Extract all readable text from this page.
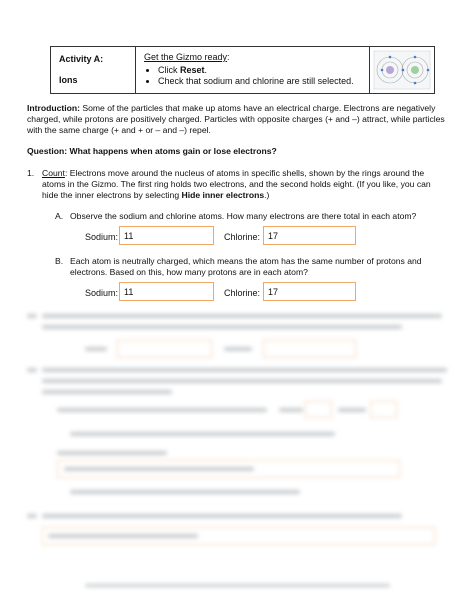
Activity A:
Ions
Get the Gizmo ready:
• Click Reset.
• Check that sodium and chlorine are still selected.
Introduction: Some of the particles that make up atoms have an electrical charge. Electrons are negatively charged, while protons are positively charged. Particles with opposite charges (+ and –) attract, while particles with the same charge (+ and + or – and –) repel.
Question: What happens when atoms gain or lose electrons?
1. Count: Electrons move around the nucleus of atoms in specific shells, shown by the rings around the atoms in the Gizmo. The first ring holds two electrons, and the second holds eight. (If you like, you can hide the inner electrons by selecting Hide inner electrons.)
A. Observe the sodium and chlorine atoms. How many electrons are there total in each atom?
Sodium: 11	Chlorine: 17
B. Each atom is neutrally charged, which means the atom has the same number of protons and electrons. Based on this, how many protons are in each atom?
Sodium: 11	Chlorine: 17
